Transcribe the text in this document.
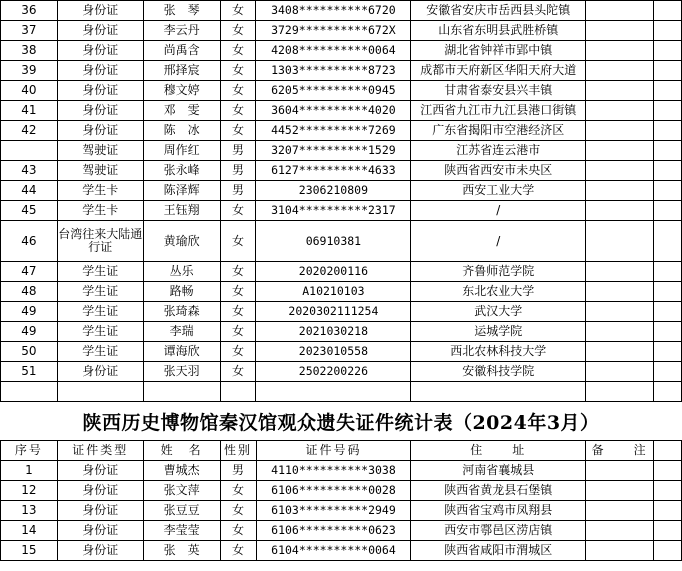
36	身份证	张　琴	女	3408**********6720	安徽省安庆市岳西县头陀镇		
37	身份证	李云丹	女	3729**********672X	山东省东明县武胜桥镇		
38	身份证	尚禹含	女	4208**********0064	湖北省钟祥市郢中镇		
39	身份证	邢择宸	女	1303**********8723	成都市天府新区华阳天府大道		
40	身份证	穆文婷	女	6205**********0945	甘肃省泰安县兴丰镇		
41	身份证	邓　雯	女	3604**********4020	江西省九江市九江县港口街镇		
42	身份证	陈　冰	女	4452**********7269	广东省揭阳市空港经济区		
	驾驶证	周作红	男	3207**********1529	江苏省连云港市		
43	驾驶证	张永峰	男	6127**********4633	陕西省西安市未央区		
44	学生卡	陈泽辉	男	2306210809	西安工业大学		
45	学生卡	王钰翔	女	3104**********2317	/		
46	台湾往来大陆通行证	黄瑜欣	女	06910381	/		
47	学生证	丛乐	女	2020200116	齐鲁师范学院		
48	学生证	路畅	女	A10210103	东北农业大学		
49	学生证	张琦森	女	2020302111254	武汉大学		
49	学生证	李瑞	女	2021030218	运城学院		
50	学生证	谭海欣	女	2023010558	西北农林科技大学		
51	身份证	张天羽	女	2502200226	安徽科技学院		

陕西历史博物馆秦汉馆观众遗失证件统计表（2024年3月）
序号	证件类型	姓　名	性别	证件号码	住　　址	备　　注	
1	身份证	曹城杰	男	4110**********3038	河南省襄城县		
12	身份证	张文萍	女	6106**********0028	陕西省黄龙县石堡镇		
13	身份证	张豆豆	女	6103**********2949	陕西省宝鸡市凤翔县		
14	身份证	李莹莹	女	6106**********0623	西安市鄠邑区涝店镇		
15	身份证	张　英	女	6104**********0064	陕西省咸阳市渭城区		
